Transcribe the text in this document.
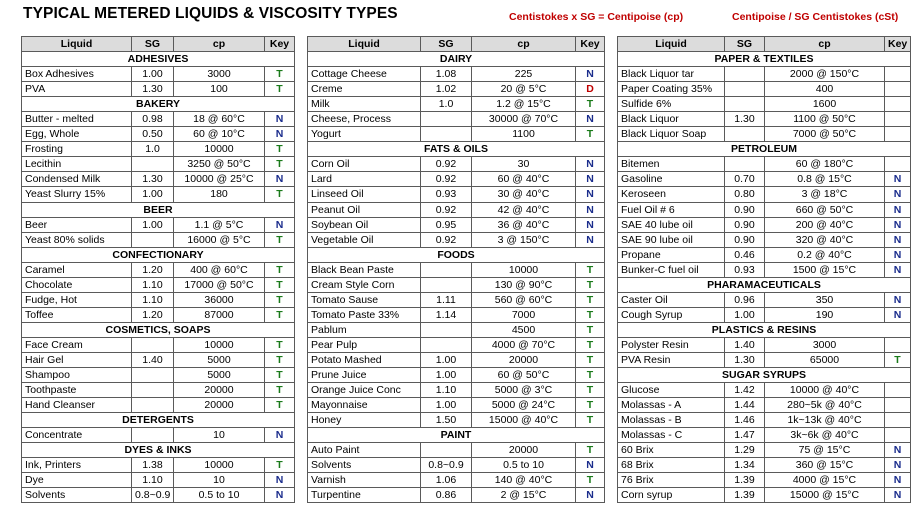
TYPICAL METERED LIQUIDS & VISCOSITY TYPES	Centistokes x SG = Centipoise (cp)	Centipoise / SG Centistokes (cSt)
Liquid	SG	cp	Key
ADHESIVES			
Box Adhesives	1.00	3000	T
PVA	1.30	100	T
BAKERY			
Butter - melted	0.98	18 @ 60°C	N
Egg, Whole	0.50	60 @ 10°C	N
Frosting	1.0	10000	T
Lecithin		3250 @ 50°C	T
Condensed Milk	1.30	10000 @ 25°C	N
Yeast Slurry 15%	1.00	180	T
BEER			
Beer	1.00	1.1 @ 5°C	N
Yeast 80% solids		16000 @ 5°C	T
CONFECTIONARY			
Caramel	1.20	400 @ 60°C	T
Chocolate	1.10	17000 @ 50°C	T
Fudge, Hot	1.10	36000	T
Toffee	1.20	87000	T
COSMETICS, SOAPS			
Face Cream		10000	T
Hair Gel	1.40	5000	T
Shampoo		5000	T
Toothpaste		20000	T
Hand Cleanser		20000	T
DETERGENTS			
Concentrate		10	N
DYES & INKS			
Ink, Printers	1.38	10000	T
Dye	1.10	10	N
Solvents	0.8~0.9	0.5 to 10	N
Liquid	SG	cp	Key
DAIRY			
Cottage Cheese	1.08	225	N
Creme	1.02	20 @ 5°C	D
Milk	1.0	1.2 @ 15°C	T
Cheese, Process		30000 @ 70°C	N
Yogurt		1100	T
FATS & OILS			
Corn Oil	0.92	30	N
Lard	0.92	60 @ 40°C	N
Linseed Oil	0.93	30 @ 40°C	N
Peanut Oil	0.92	42 @ 40°C	N
Soybean Oil	0.95	36 @ 40°C	N
Vegetable Oil	0.92	3 @ 150°C	N
FOODS			
Black Bean Paste		10000	T
Cream Style Corn		130 @ 90°C	T
Tomato Sause	1.11	560 @ 60°C	T
Tomato Paste 33%	1.14	7000	T
Pablum		4500	T
Pear Pulp		4000 @ 70°C	T
Potato Mashed	1.00	20000	T
Prune Juice	1.00	60 @ 50°C	T
Orange Juice Conc	1.10	5000 @ 3°C	T
Mayonnaise	1.00	5000 @ 24°C	T
Honey	1.50	15000 @ 40°C	T
PAINT			
Auto Paint		20000	T
Solvents	0.8~0.9	0.5 to 10	N
Varnish	1.06	140 @ 40°C	T
Turpentine	0.86	2 @ 15°C	N
Liquid	SG	cp	Key
PAPER & TEXTILES			
Black Liquor tar		2000 @ 150°C	
Paper Coating 35%		400	
Sulfide 6%		1600	
Black Liquor	1.30	1100 @ 50°C	
Black Liquor Soap		7000 @ 50°C	
PETROLEUM			
Bitemen		60 @ 180°C	
Gasoline	0.70	0.8 @ 15°C	N
Keroseen	0.80	3 @ 18°C	N
Fuel Oil # 6	0.90	660 @ 50°C	N
SAE 40 lube oil	0.90	200 @ 40°C	N
SAE 90 lube oil	0.90	320 @ 40°C	N
Propane	0.46	0.2 @ 40°C	N
Bunker-C fuel oil	0.93	1500 @ 15°C	N
PHARAMACEUTICALS			
Caster Oil	0.96	350	N
Cough Syrup	1.00	190	N
PLASTICS & RESINS			
Polyster Resin	1.40	3000	
PVA Resin	1.30	65000	T
SUGAR SYRUPS			
Glucose	1.42	10000 @ 40°C	
Molassas - A	1.44	280~5k @ 40°C	
Molassas - B	1.46	1k~13k @ 40°C	
Molassas - C	1.47	3k~6k @ 40°C	
60 Brix	1.29	75 @ 15°C	N
68 Brix	1.34	360 @ 15°C	N
76 Brix	1.39	4000 @ 15°C	N
Corn syrup	1.39	15000 @ 15°C	N
